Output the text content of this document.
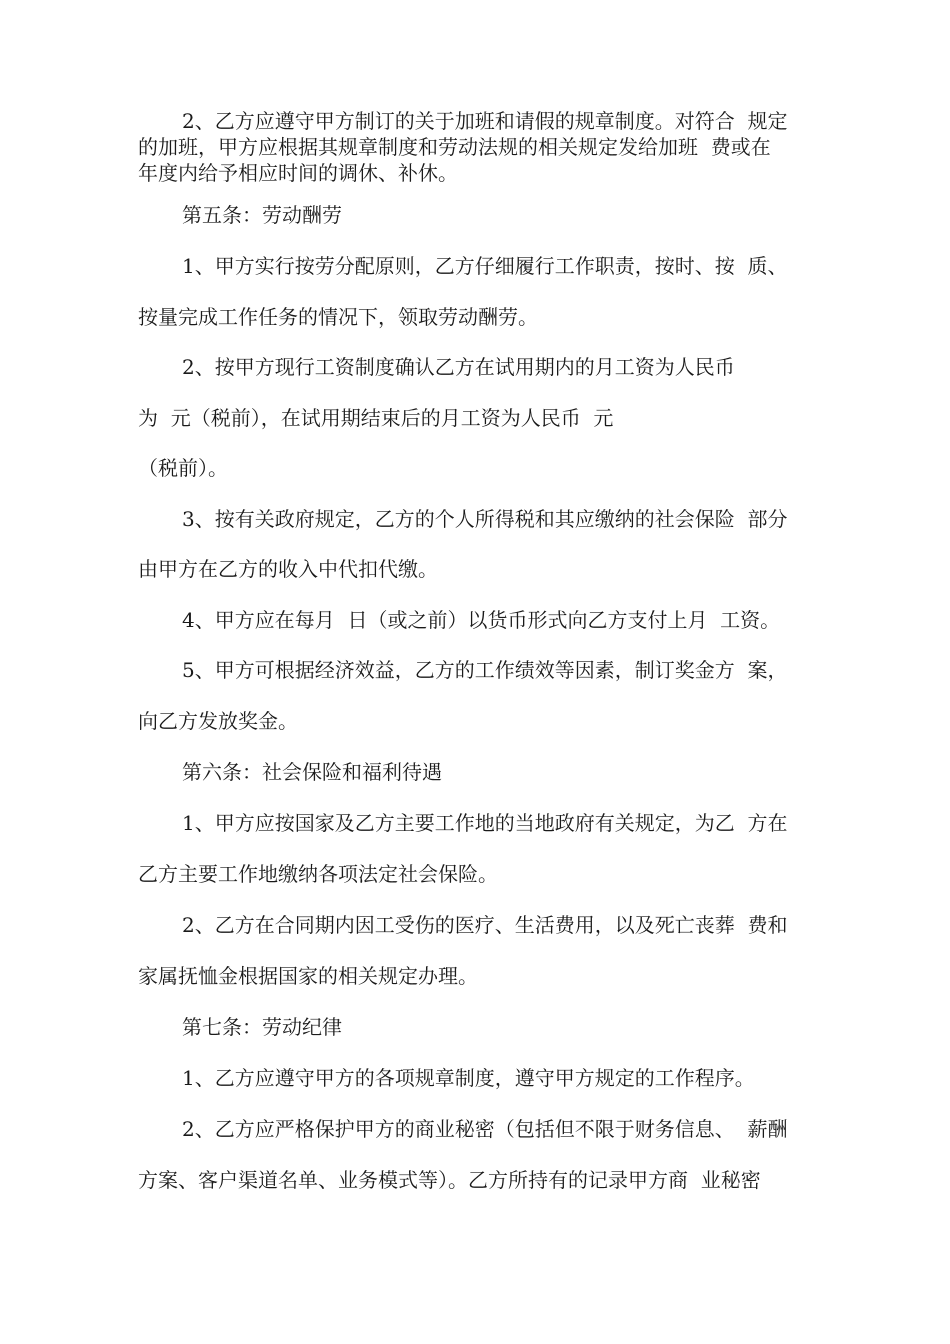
2、乙方应遵守甲方制订的关于加班和请假的规章制度。对符合  规定
的加班，甲方应根据其规章制度和劳动法规的相关规定发给加班  费或在
年度内给予相应时间的调休、补休。
第五条：劳动酬劳
1、甲方实行按劳分配原则，乙方仔细履行工作职责，按时、按  质、
按量完成工作任务的情况下，领取劳动酬劳。
2、按甲方现行工资制度确认乙方在试用期内的月工资为人民币
为  元（税前），在试用期结束后的月工资为人民币  元
（税前）。
3、按有关政府规定，乙方的个人所得税和其应缴纳的社会保险  部分
由甲方在乙方的收入中代扣代缴。
4、甲方应在每月  日（或之前）以货币形式向乙方支付上月  工资。
5、甲方可根据经济效益，乙方的工作绩效等因素，制订奖金方  案，
向乙方发放奖金。
第六条：社会保险和福利待遇
1、甲方应按国家及乙方主要工作地的当地政府有关规定，为乙  方在
乙方主要工作地缴纳各项法定社会保险。
2、乙方在合同期内因工受伤的医疗、生活费用，以及死亡丧葬  费和
家属抚恤金根据国家的相关规定办理。
第七条：劳动纪律
1、乙方应遵守甲方的各项规章制度，遵守甲方规定的工作程序。
2、乙方应严格保护甲方的商业秘密（包括但不限于财务信息、  薪酬
方案、客户渠道名单、业务模式等）。乙方所持有的记录甲方商  业秘密
